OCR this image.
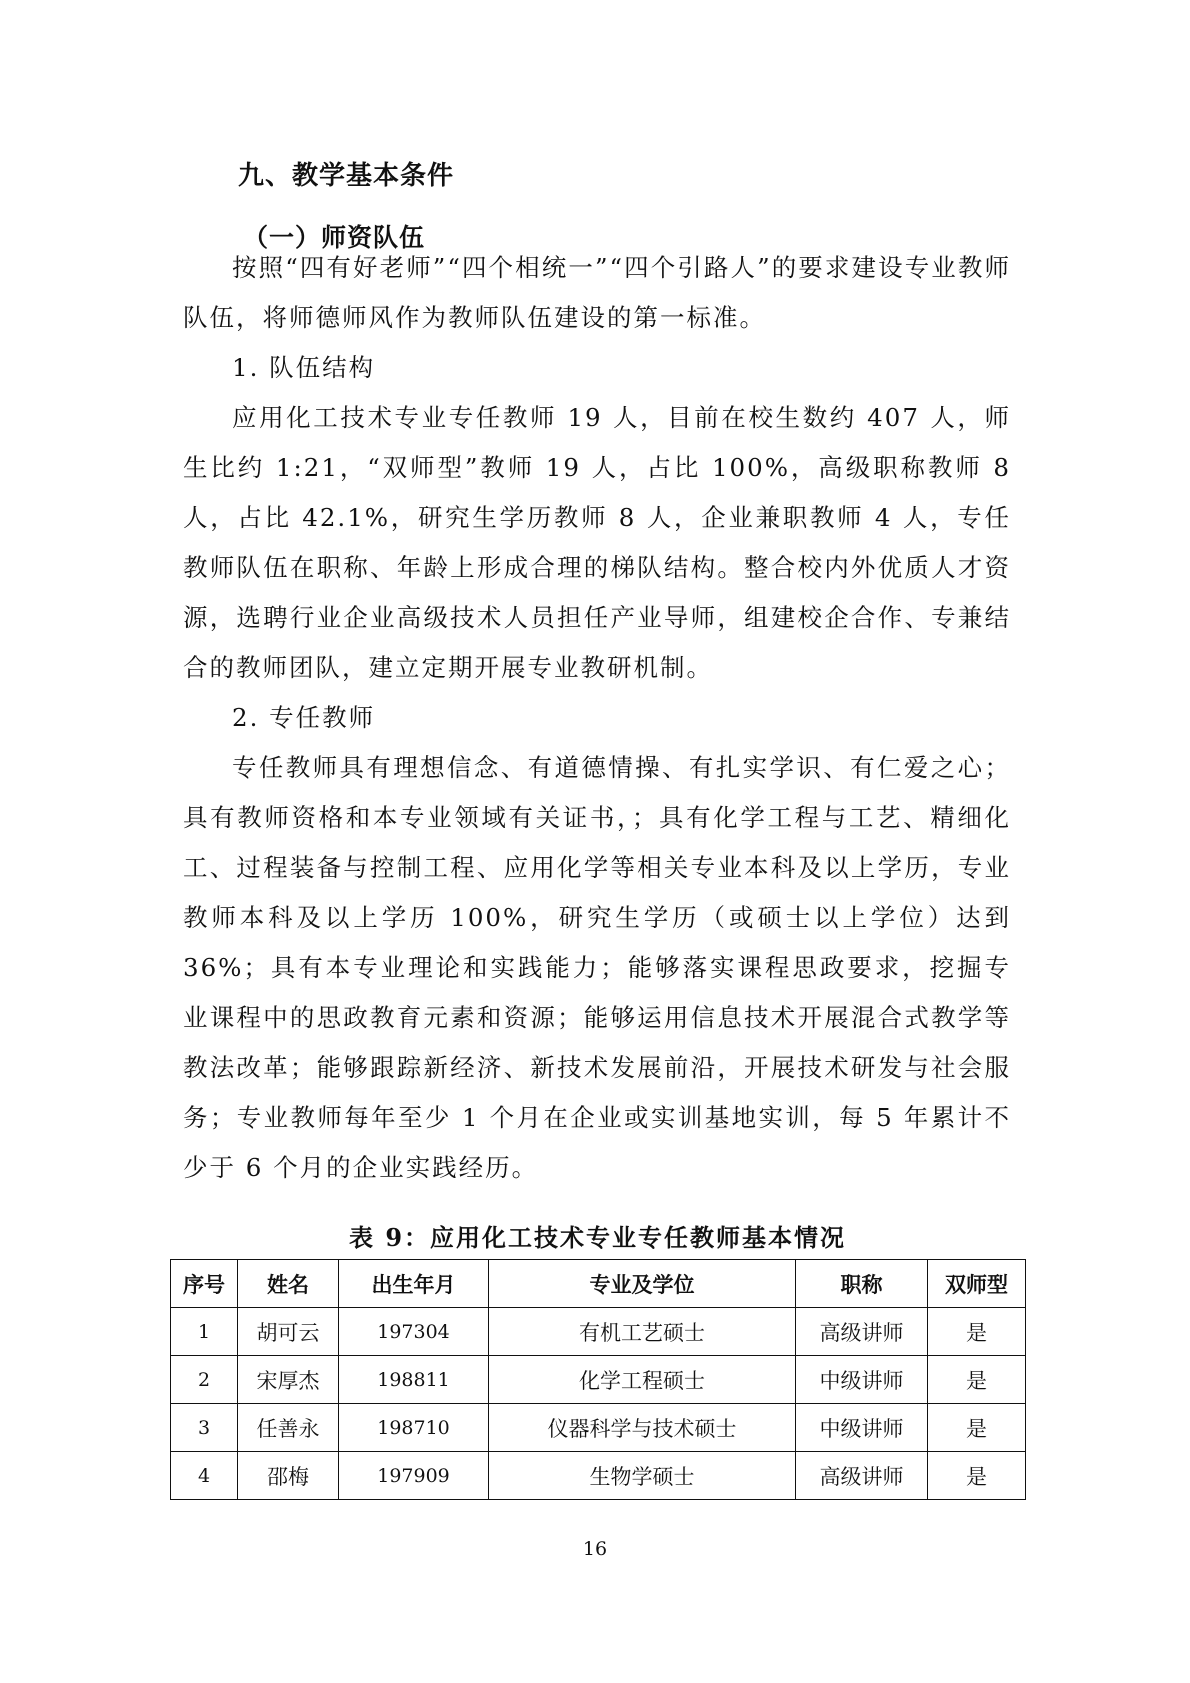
九、教学基本条件
（一）师资队伍

按照“四有好老师”“四个相统一”“四个引路人”的要求建设专业教师队伍，将师德师风作为教师队伍建设的第一标准。

1. 队伍结构

应用化工技术专业专任教师 19 人，目前在校生数约 407 人，师生比约 1:21，“双师型”教师 19 人，占比 100%，高级职称教师 8 人，占比 42.1%，研究生学历教师 8 人，企业兼职教师 4 人，专任教师队伍在职称、年龄上形成合理的梯队结构。整合校内外优质人才资源，选聘行业企业高级技术人员担任产业导师，组建校企合作、专兼结合的教师团队，建立定期开展专业教研机制。

2. 专任教师

专任教师具有理想信念、有道德情操、有扎实学识、有仁爱之心；具有教师资格和本专业领域有关证书，；具有化学工程与工艺、精细化工、过程装备与控制工程、应用化学等相关专业本科及以上学历，专业教师本科及以上学历 100%，研究生学历（或硕士以上学位）达到 36%；具有本专业理论和实践能力；能够落实课程思政要求，挖掘专业课程中的思政教育元素和资源；能够运用信息技术开展混合式教学等教法改革；能够跟踪新经济、新技术发展前沿，开展技术研发与社会服务；专业教师每年至少 1 个月在企业或实训基地实训，每 5 年累计不少于 6 个月的企业实践经历。

表 9：应用化工技术专业专任教师基本情况
序号	姓名	出生年月	专业及学位	职称	双师型
1	胡可云	197304	有机工艺硕士	高级讲师	是
2	宋厚杰	198811	化学工程硕士	中级讲师	是
3	任善永	198710	仪器科学与技术硕士	中级讲师	是
4	邵梅	197909	生物学硕士	高级讲师	是
16
